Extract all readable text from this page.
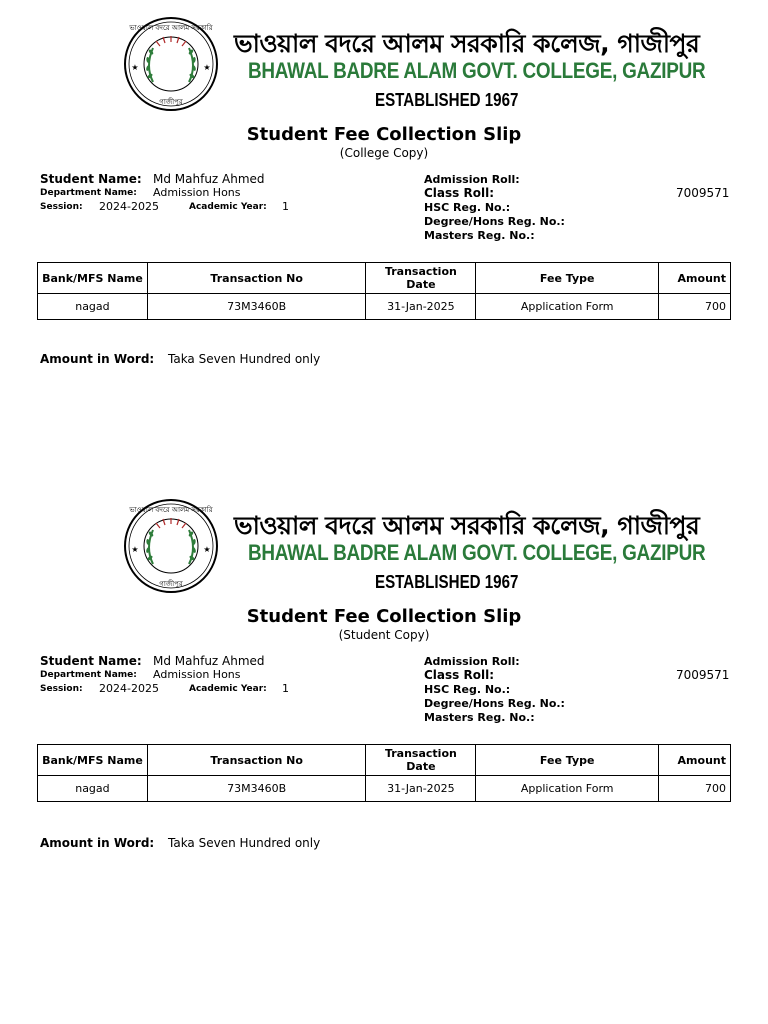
ভাওয়াল বদরে আলম সরকারি
গাজীপুর
★	★
ভাওয়াল বদরে আলম সরকারি কলেজ, গাজীপুর
BHAWAL BADRE ALAM GOVT. COLLEGE, GAZIPUR
ESTABLISHED 1967
Student Fee Collection Slip
(College Copy)
Student Name: Md Mahfuz Ahmed
Department Name: Admission Hons
Session: 2024-2025	Academic Year: 1
Admission Roll:
Class Roll:	7009571
HSC Reg. No.:
Degree/Hons Reg. No.:
Masters Reg. No.:
Bank/MFS Name	Transaction No	Transaction Date	Fee Type	Amount
nagad	73M3460B	31-Jan-2025	Application Form	700
Amount in Word: Taka Seven Hundred only
ভাওয়াল বদরে আলম সরকারি
গাজীপুর
★	★
ভাওয়াল বদরে আলম সরকারি কলেজ, গাজীপুর
BHAWAL BADRE ALAM GOVT. COLLEGE, GAZIPUR
ESTABLISHED 1967
Student Fee Collection Slip
(Student Copy)
Student Name: Md Mahfuz Ahmed
Department Name: Admission Hons
Session: 2024-2025	Academic Year: 1
Admission Roll:
Class Roll:	7009571
HSC Reg. No.:
Degree/Hons Reg. No.:
Masters Reg. No.:
Bank/MFS Name	Transaction No	Transaction Date	Fee Type	Amount
nagad	73M3460B	31-Jan-2025	Application Form	700
Amount in Word: Taka Seven Hundred only
